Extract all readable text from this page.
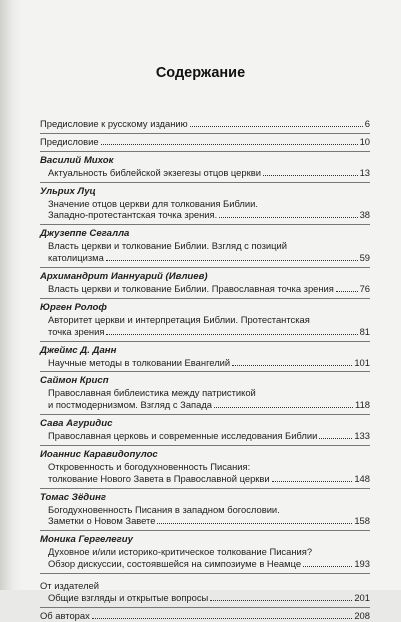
Содержание
Предисловие к русскому изданию	6
Предисловие	10
Василий Михок
Актуальность библейской экзегезы отцов церкви	13
Ульрих Луц
Значение отцов церкви для толкования Библии.
Западно-протестантская точка зрения.	38
Джузеппе Сегалла
Власть церкви и толкование Библии. Взгляд с позиций
католицизма	59
Архимандрит Ианнуарий (Ивлиев)
Власть церкви и толкование Библии. Православная точка зрения	76
Юрген Ролоф
Авторитет церкви и интерпретация Библии. Протестантская
точка зрения	81
Джеймс Д. Данн
Научные методы в толковании Евангелий	101
Саймон Крисп
Православная библеистика между патристикой
и постмодернизмом. Взгляд с Запада	118
Сава Агуридис
Православная церковь и современные исследования Библии	133
Иоаннис Каравидопулос
Откровенность и богодухновенность Писания:
толкование Нового Завета в Православной церкви	148
Томас Зёдинг
Богодухновенность Писания в западном богословии.
Заметки о Новом Завете	158
Моника Гергелегиу
Духовное и/или историко-критическое толкование Писания?
Обзор дискуссии, состоявшейся на симпозиуме в Неамце	193
От издателей
Общие взгляды и открытые вопросы	201
Об авторах	208
